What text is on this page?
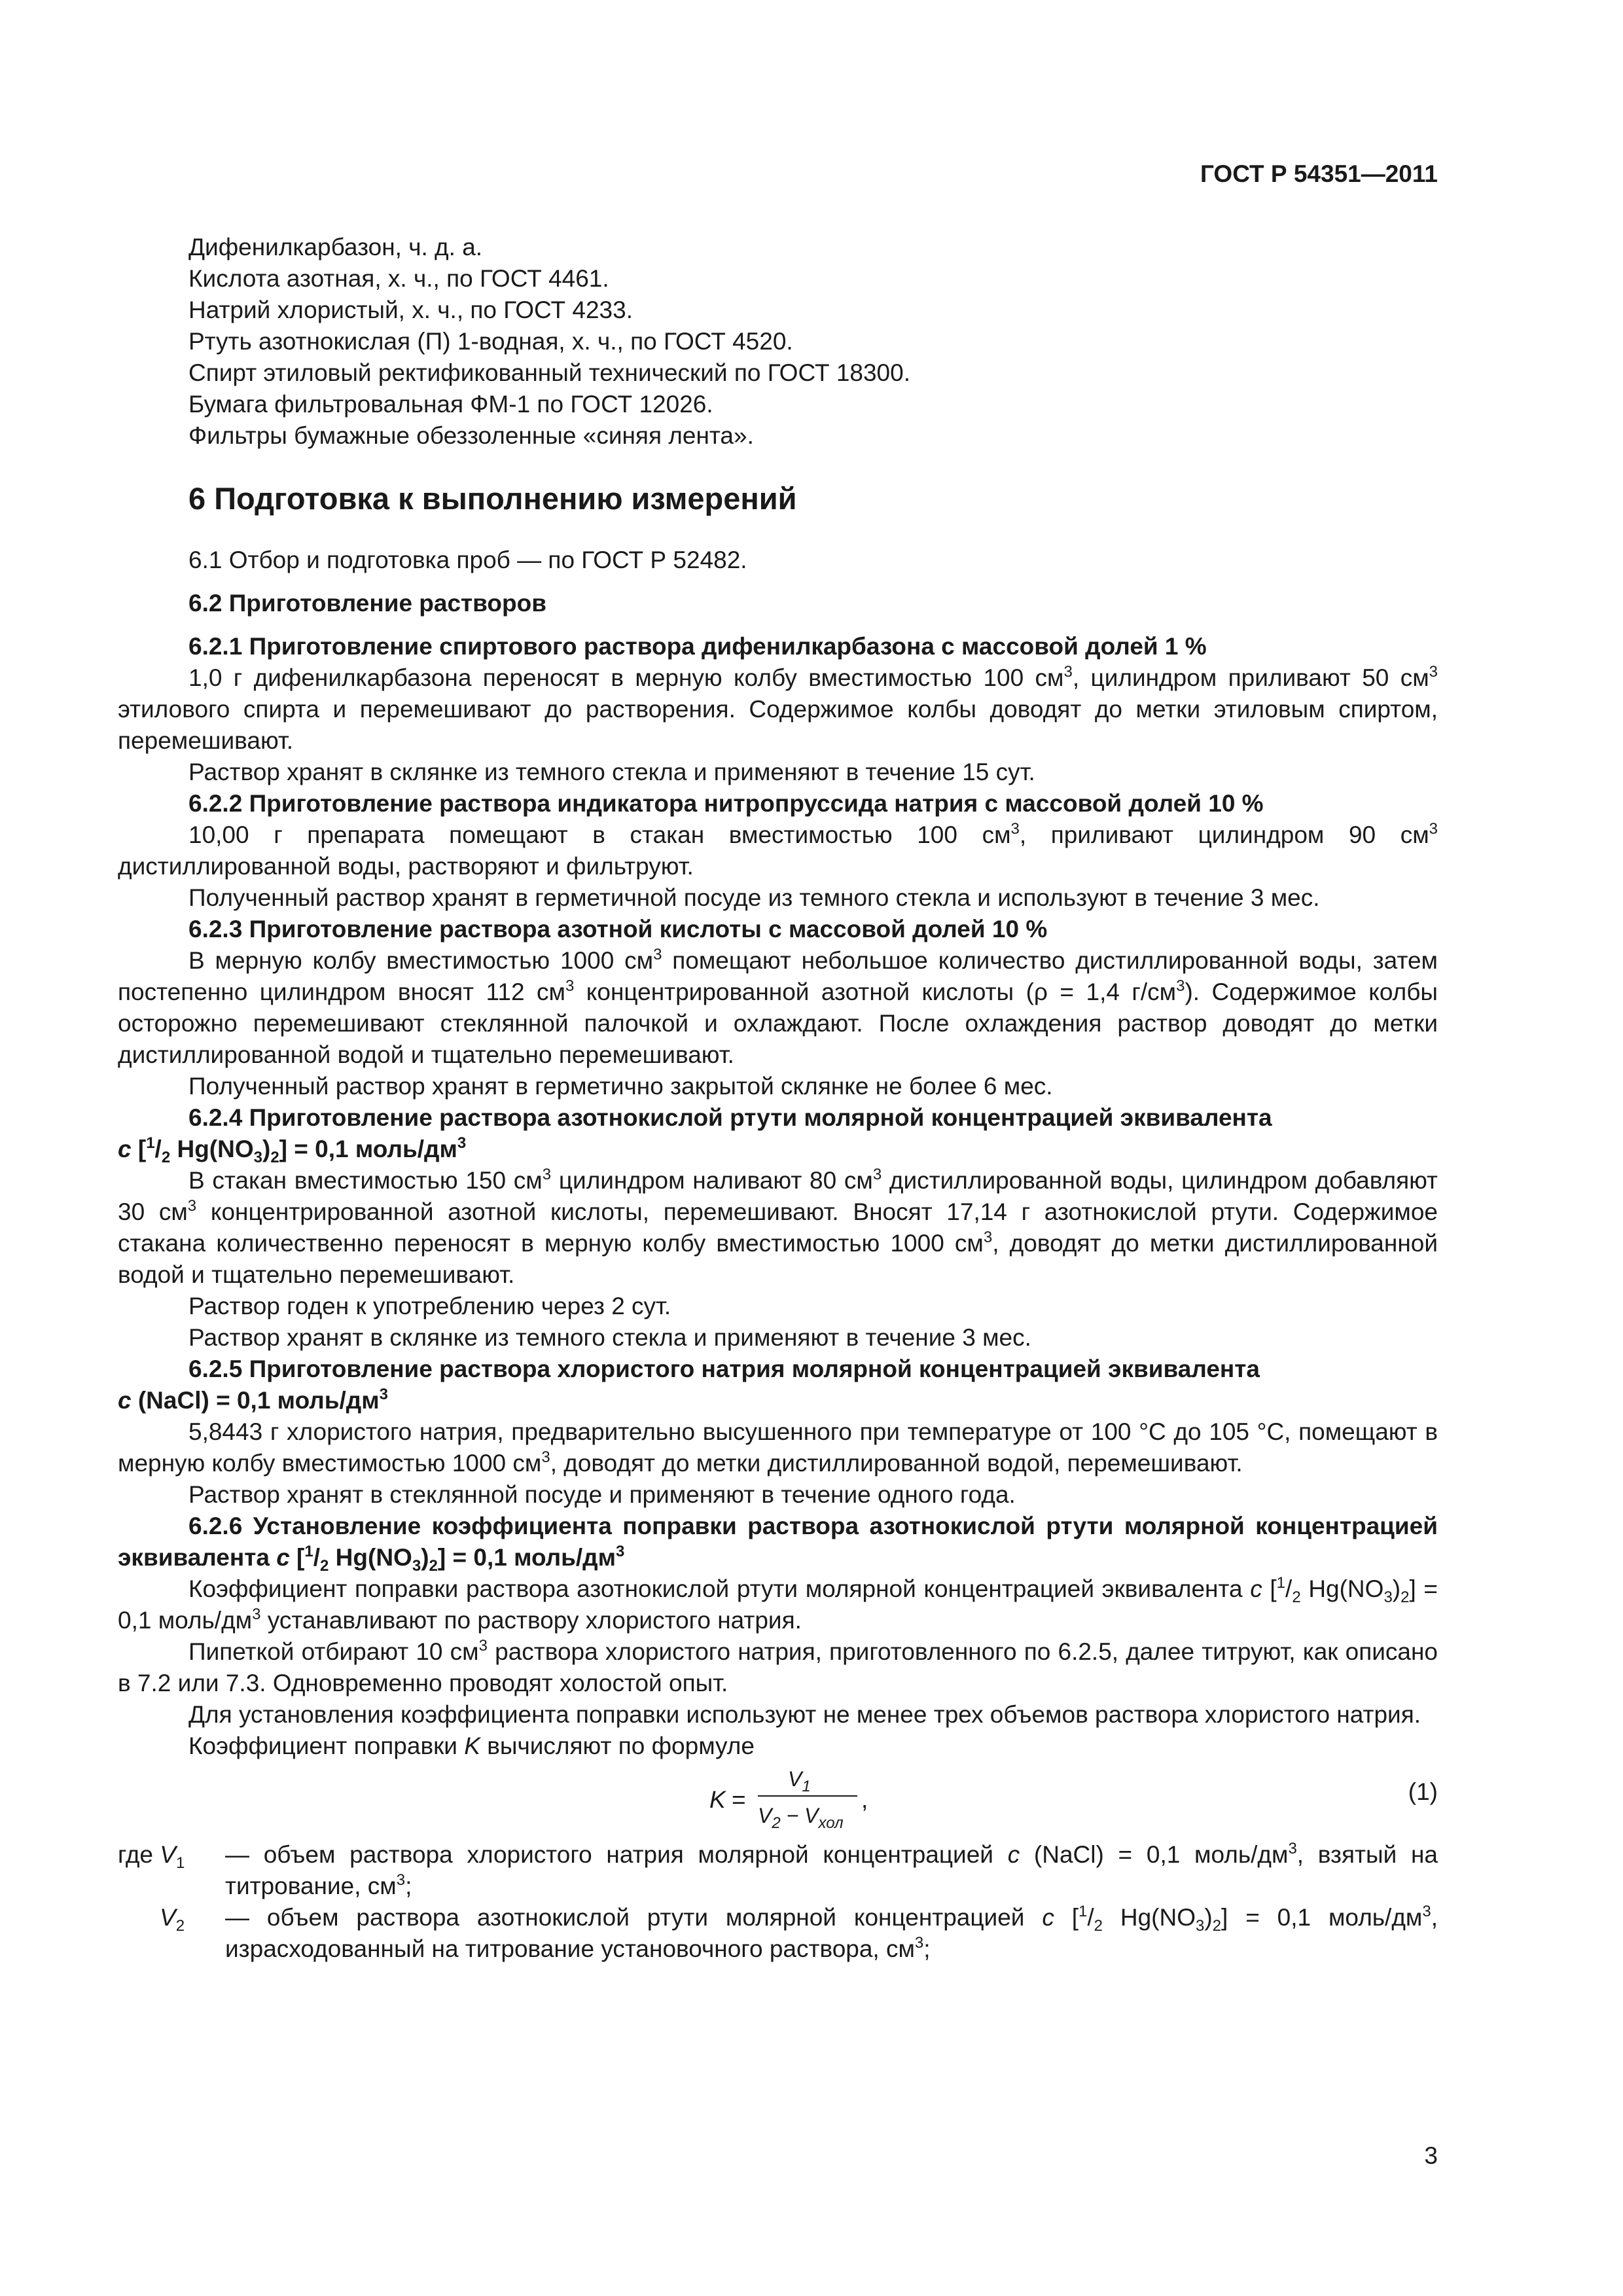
ГОСТ Р 54351—2011
Дифенилкарбазон, ч. д. а.
Кислота азотная, х. ч., по ГОСТ 4461.
Натрий хлористый, х. ч., по ГОСТ 4233.
Ртуть азотнокислая (П) 1-водная, х. ч., по ГОСТ 4520.
Спирт этиловый ректификованный технический по ГОСТ 18300.
Бумага фильтровальная ФМ-1 по ГОСТ 12026.
Фильтры бумажные обеззоленные «синяя лента».
6 Подготовка к выполнению измерений
6.1 Отбор и подготовка проб — по ГОСТ Р 52482.
6.2 Приготовление растворов
6.2.1 Приготовление спиртового раствора дифенилкарбазона с массовой долей 1 %

1,0 г дифенилкарбазона переносят в мерную колбу вместимостью 100 $см^3$, цилиндром приливают 50 $см^3$ этилового спирта и перемешивают до растворения. Содержимое колбы доводят до метки этиловым спиртом, перемешивают.

Раствор хранят в склянке из темного стекла и применяют в течение 15 сут.

6.2.2 Приготовление раствора индикатора нитропруссида натрия с массовой долей 10 %

10,00 г препарата помещают в стакан вместимостью 100 $см^3$, приливают цилиндром 90 $см^3$ дистиллированной воды, растворяют и фильтруют.

Полученный раствор хранят в герметичной посуде из темного стекла и используют в течение 3 мес.

6.2.3 Приготовление раствора азотной кислоты с массовой долей 10 %

В мерную колбу вместимостью 1000 $см^3$ помещают небольшое количество дистиллированной воды, затем постепенно цилиндром вносят 112 $см^3$ концентрированной азотной кислоты (ρ = 1,4 $г/см^3$). Содержимое колбы осторожно перемешивают стеклянной палочкой и охлаждают. После охлаждения раствор доводят до метки дистиллированной водой и тщательно перемешивают.

Полученный раствор хранят в герметично закрытой склянке не более 6 мес.

6.2.4 Приготовление раствора азотнокислой ртути молярной концентрацией эквивалента
c [$^1/_2$ $Hg(NO_3)_2] = 0,1$ моль/$дм^3$

В стакан вместимостью 150 $см^3$ цилиндром наливают 80 $см^3$ дистиллированной воды, цилиндром добавляют 30 $см^3$ концентрированной азотной кислоты, перемешивают. Вносят 17,14 г азотнокислой ртути. Содержимое стакана количественно переносят в мерную колбу вместимостью 1000 $см^3$, доводят до метки дистиллированной водой и тщательно перемешивают.

Раствор годен к употреблению через 2 сут.

Раствор хранят в склянке из темного стекла и применяют в течение 3 мес.

6.2.5 Приготовление раствора хлористого натрия молярной концентрацией эквивалента
c (NaCl) = 0,1 моль/$дм^3$

5,8443 г хлористого натрия, предварительно высушенного при температуре от 100 °С до 105 °С, помещают в мерную колбу вместимостью 1000 $см^3$, доводят до метки дистиллированной водой, перемешивают.

Раствор хранят в стеклянной посуде и применяют в течение одного года.

6.2.6 Установление коэффициента поправки раствора азотнокислой ртути молярной концентрацией эквивалента c [$^1/_2$ $Hg(NO_3)_2] = 0,1$ моль/$дм^3$

Коэффициент поправки раствора азотнокислой ртути молярной концентрацией эквивалента c [$^1/_2$ $Hg(NO_3)_2] = 0,1$ моль/$дм^3$ устанавливают по раствору хлористого натрия.

Пипеткой отбирают 10 $см^3$ раствора хлористого натрия, приготовленного по 6.2.5, далее титруют, как описано в 7.2 или 7.3. Одновременно проводят холостой опыт.

Для установления коэффициента поправки используют не менее трех объемов раствора хлористого натрия.

Коэффициент поправки K вычисляют по формуле

K =
$V_1$
$V_2 - V_{хол}$
,	(1)
где $V_1$ — объем раствора хлористого натрия молярной концентрацией c (NaCl) = 0,1 моль/$дм^3$, взятый на титрование, $см^3$;
$V_2$ — объем раствора азотнокислой ртути молярной концентрацией c [$^1/_2$ $Hg(NO_3)_2] = 0,1$ моль/$дм^3$, израсходованный на титрование установочного раствора, $см^3$;
3
